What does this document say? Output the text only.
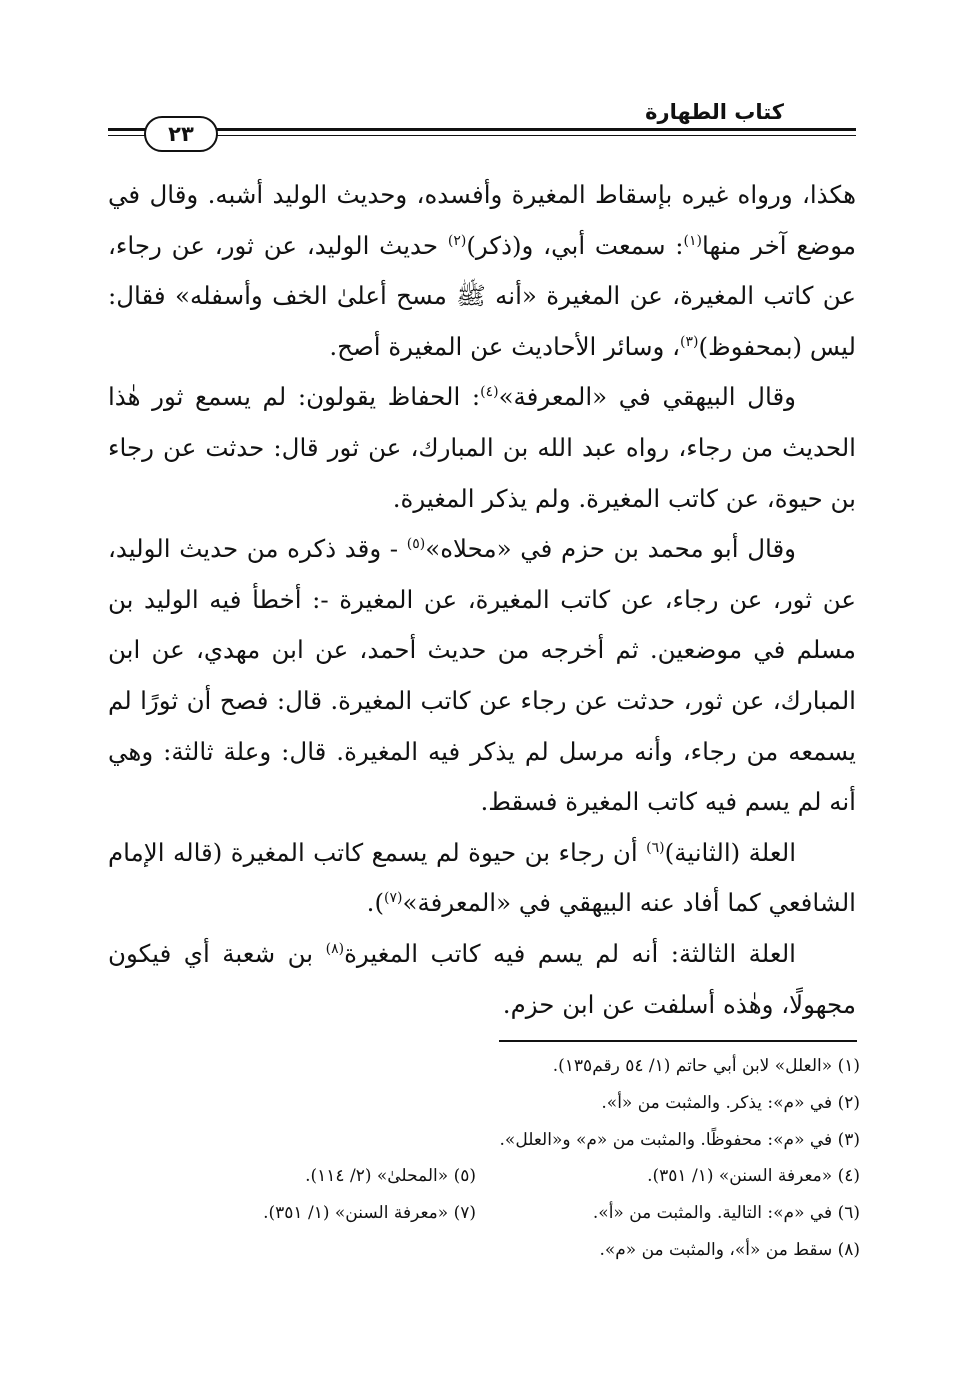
كتاب الطهارة
٢٣

هكذا، ورواه غيره بإسقاط المغيرة وأفسده، وحديث الوليد أشبه. وقال في موضع آخر منها$^{(١)}$: سمعت أبي، و(ذكر)$^{(٢)}$ حديث الوليد، عن ثور، عن رجاء، عن كاتب المغيرة، عن المغيرة «أنه ﷺ مسح أعلىٰ الخف وأسفله» فقال: ليس (بمحفوظ)$^{(٣)}$، وسائر الأحاديث عن المغيرة أصح.

وقال البيهقي في «المعرفة»$^{(٤)}$: الحفاظ يقولون: لم يسمع ثور هٰذا الحديث من رجاء، رواه عبد الله بن المبارك، عن ثور قال: حدثت عن رجاء بن حيوة، عن كاتب المغيرة. ولم يذكر المغيرة.

وقال أبو محمد بن حزم في «محلاه»$^{(٥)}$ - وقد ذكره من حديث الوليد، عن ثور، عن رجاء، عن كاتب المغيرة، عن المغيرة -: أخطأ فيه الوليد بن مسلم في موضعين. ثم أخرجه من حديث أحمد، عن ابن مهدي، عن ابن المبارك، عن ثور، حدثت عن رجاء عن كاتب المغيرة. قال: فصح أن ثورًا لم يسمعه من رجاء، وأنه مرسل لم يذكر فيه المغيرة. قال: وعلة ثالثة: وهي أنه لم يسم فيه كاتب المغيرة فسقط.

العلة (الثانية)$^{(٦)}$ أن رجاء بن حيوة لم يسمع كاتب المغيرة (قاله الإمام الشافعي كما أفاد عنه البيهقي في «المعرفة»$^{(٧)}$).

العلة الثالثة: أنه لم يسم فيه كاتب المغيرة$^{(٨)}$ بن شعبة أي فيكون مجهولًا، وهٰذه أسلفت عن ابن حزم.

(١) «العلل» لابن أبي حاتم (١/ ٥٤ رقم١٣٥).
(٢) في «م»: يذكر. والمثبت من «أ».
(٣) في «م»: محفوظًا. والمثبت من «م» و«العلل».
(٤) «معرفة السنن» (١/ ٣٥١).
(٥) «المحلىٰ» (٢/ ١١٤).
(٦) في «م»: التالية. والمثبت من «أ».
(٧) «معرفة السنن» (١/ ٣٥١).
(٨) سقط من «أ»، والمثبت من «م».
